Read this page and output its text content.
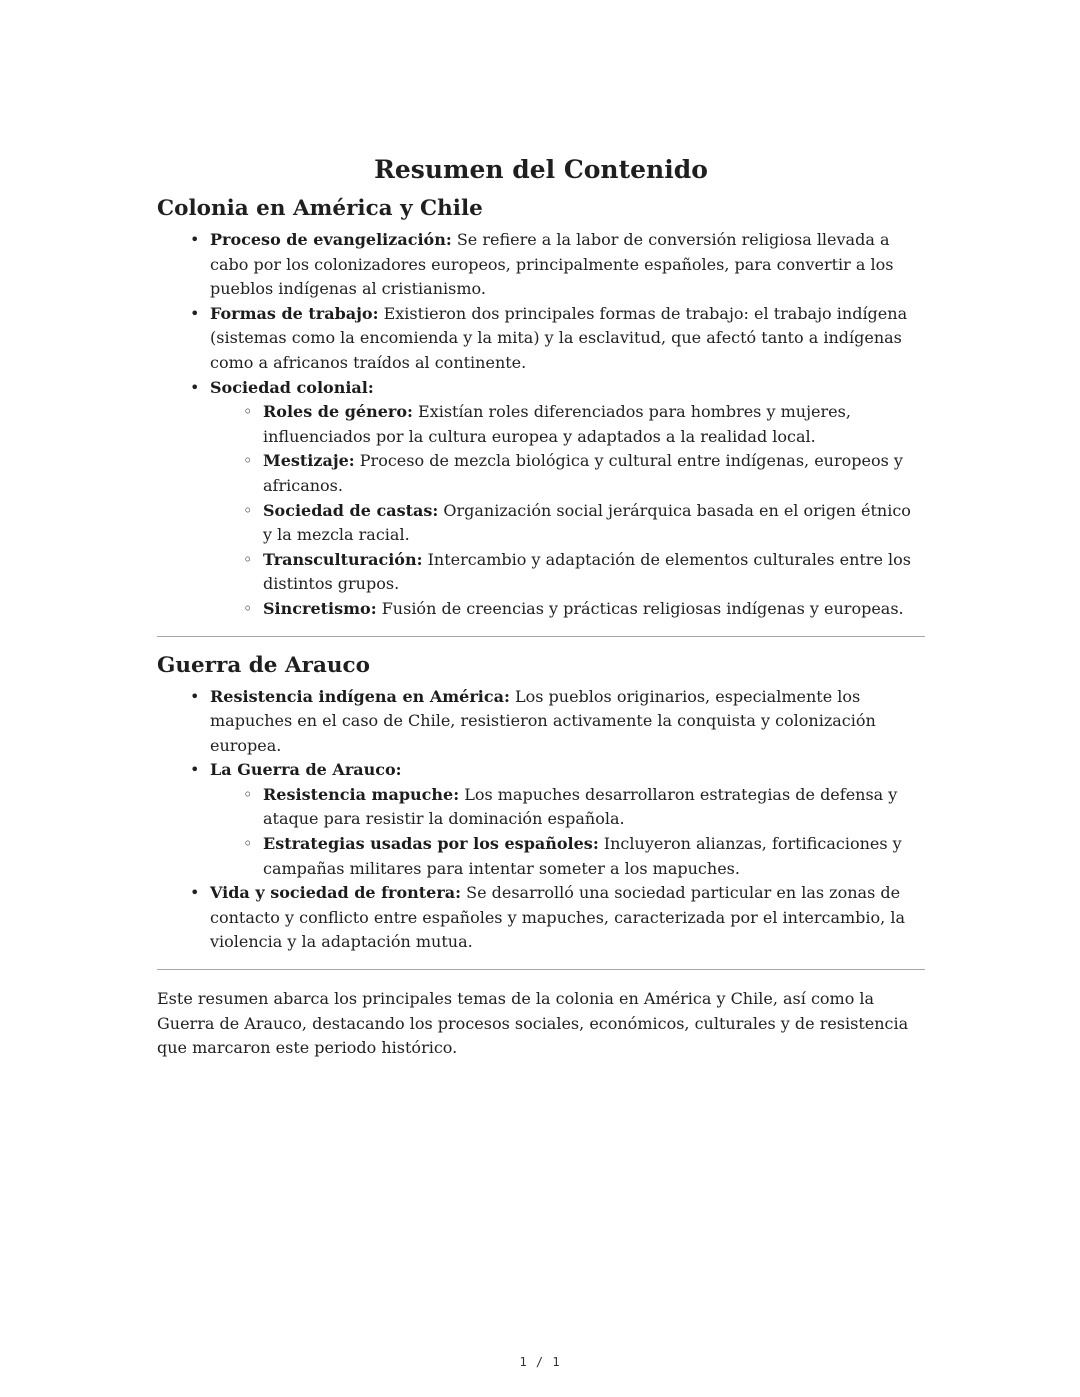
Resumen del Contenido
Colonia en América y Chile
• Proceso de evangelización: Se refiere a la labor de conversión religiosa llevada a cabo por los colonizadores europeos, principalmente españoles, para convertir a los pueblos indígenas al cristianismo.
• Formas de trabajo: Existieron dos principales formas de trabajo: el trabajo indígena (sistemas como la encomienda y la mita) y la esclavitud, que afectó tanto a indígenas como a africanos traídos al continente.
• Sociedad colonial:
◦ Roles de género: Existían roles diferenciados para hombres y mujeres, influenciados por la cultura europea y adaptados a la realidad local.
◦ Mestizaje: Proceso de mezcla biológica y cultural entre indígenas, europeos y africanos.
◦ Sociedad de castas: Organización social jerárquica basada en el origen étnico y la mezcla racial.
◦ Transculturación: Intercambio y adaptación de elementos culturales entre los distintos grupos.
◦ Sincretismo: Fusión de creencias y prácticas religiosas indígenas y europeas.
Guerra de Arauco
• Resistencia indígena en América: Los pueblos originarios, especialmente los mapuches en el caso de Chile, resistieron activamente la conquista y colonización europea.
• La Guerra de Arauco:
◦ Resistencia mapuche: Los mapuches desarrollaron estrategias de defensa y ataque para resistir la dominación española.
◦ Estrategias usadas por los españoles: Incluyeron alianzas, fortificaciones y campañas militares para intentar someter a los mapuches.
• Vida y sociedad de frontera: Se desarrolló una sociedad particular en las zonas de contacto y conflicto entre españoles y mapuches, caracterizada por el intercambio, la violencia y la adaptación mutua.

Este resumen abarca los principales temas de la colonia en América y Chile, así como la Guerra de Arauco, destacando los procesos sociales, económicos, culturales y de resistencia que marcaron este periodo histórico.

1 / 1
